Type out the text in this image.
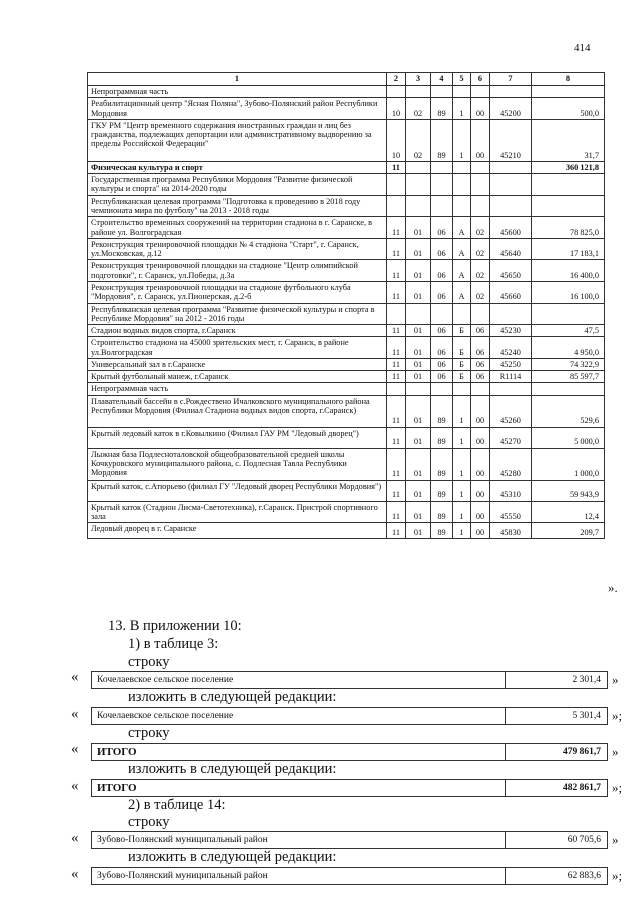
414
1	2	3	4	5	6	7	8
Непрограммная часть							
Реабилитационный центр "Ясная Поляна", Зубово-Полянский район Республики Мордовия	10	02	89	1	00	45200	500,0
ГКУ РМ "Центр временного содержания иностранных граждан и лиц без гражданства, подлежащих депортации или административному выдворению за пределы Российской Федерации"	10	02	89	1	00	45210	31,7
Физическая культура и спорт	11						360 121,8
Государственная программа Республики Мордовия "Развитие физической культуры и спорта" на 2014-2020 годы							
Республиканская целевая программа "Подготовка к проведению в 2018 году чемпионата мира по футболу" на 2013 - 2018 годы							
Строительство временных сооружений на территории стадиона в г. Саранске, в районе ул. Волгоградская	11	01	06	А	02	45600	78 825,0
Реконструкция тренировочной площадки № 4 стадиона "Старт", г. Саранск, ул.Московская, д.12	11	01	06	А	02	45640	17 183,1
Реконструкция тренировочной площадки на стадионе "Центр олимпийской подготовки", г. Саранск, ул.Победы, д.3а	11	01	06	А	02	45650	16 400,0
Реконструкция тренировочной площадки на стадионе футбольного клуба "Мордовия", г. Саранск, ул.Пионерская, д.2-б	11	01	06	А	02	45660	16 100,0
Республиканская целевая программа "Развитие физической культуры и спорта в Республике Мордовия" на 2012 - 2016 годы							
Стадион водных видов спорта, г.Саранск	11	01	06	Б	06	45230	47,5
Строительство стадиона на 45000 зрительских мест, г. Саранск, в районе ул.Волгоградская	11	01	06	Б	06	45240	4 950,0
Универсальный зал в г.Саранске	11	01	06	Б	06	45250	74 322,9
Крытый футбольный манеж, г.Саранск	11	01	06	Б	06	R1114	85 597,7
Непрограммная часть							
Плавательный бассейн в с.Рождествено Ичалковского муниципального района Республики Мордовия (Филиал Стадиона водных видов спорта, г.Саранск)	11	01	89	1	00	45260	529,6
Крытый ледовый каток в г.Ковылкино (Филиал ГАУ РМ "Ледовый дворец")	11	01	89	1	00	45270	5 000,0
Лыжная база Подлесноталовской общеобразовательной средней школы Кочкуровского муниципального района, с. Подлесная Тавла Республики Мордовия	11	01	89	1	00	45280	1 000,0
Крытый каток, с.Атюрьево (филиал ГУ "Ледовый дворец Республики Мордовия")	11	01	89	1	00	45310	59 943,9
Крытый каток (Стадион Лисма-Светотехника), г.Саранск. Пристрой спортивного зала	11	01	89	1	00	45550	12,4
Ледовый дворец в г. Саранске	11	01	89	1	00	45830	209,7
».
13. В приложении 10:
1) в таблице 3:
строку
« Кочелаевское сельское поселение	2 301,4 »
изложить в следующей редакции:
« Кочелаевское сельское поселение	5 301,4 »;
строку
« ИТОГО	479 861,7 »
изложить в следующей редакции:
« ИТОГО	482 861,7 »;
2) в таблице 14:
строку
« Зубово-Полянский муниципальный район	60 705,6 »
изложить в следующей редакции:
« Зубово-Полянский муниципальный район	62 883,6 »;
